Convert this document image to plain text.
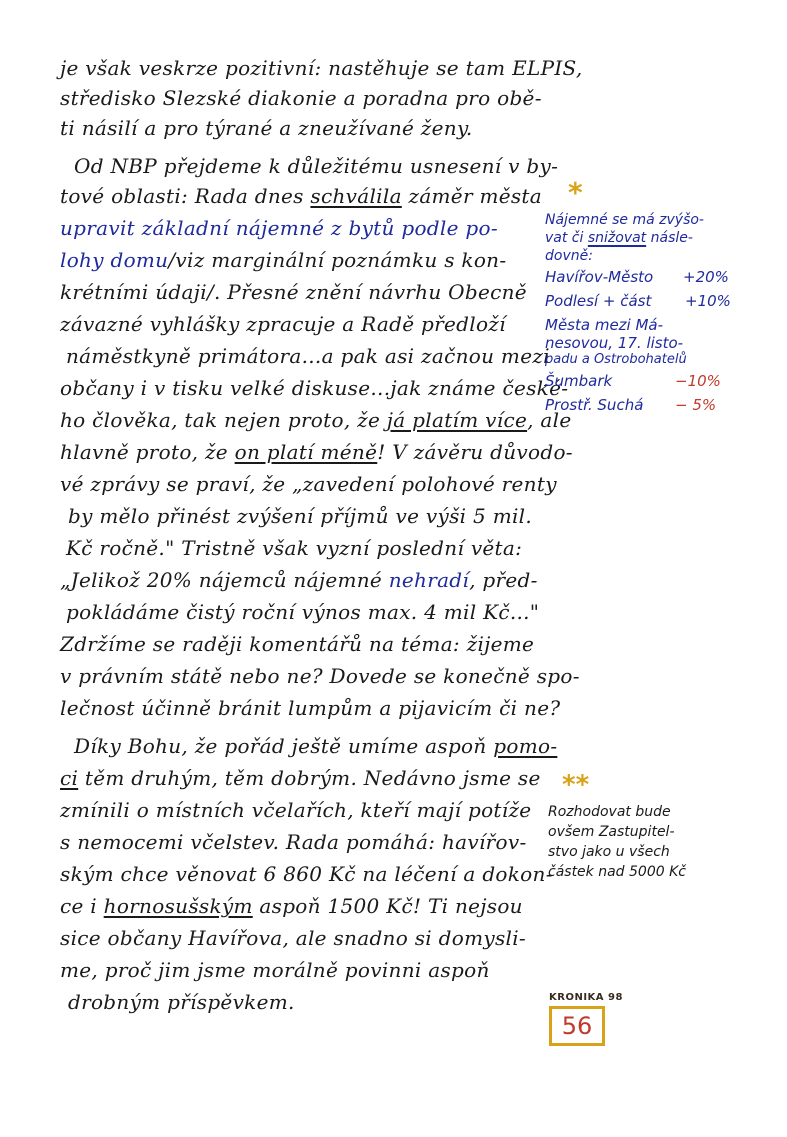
je však veskrze pozitivní: nastěhuje se tam ELPIS,
středisko Slezské diakonie a poradna pro obě-
ti násilí a pro týrané a zneužívané ženy.
Od NBP přejdeme k důležitému usnesení v by-
tové oblasti: Rada dnes schválila záměr města
upravit základní nájemné z bytů podle po-
lohy domu/viz marginální poznámku s kon-
krétními údaji/. Přesné znění návrhu Obecně
závazné vyhlášky zpracuje a Radě předloží
náměstkyně primátora...a pak asi začnou mezi
občany i v tisku velké diskuse...jak známe české-
ho člověka, tak nejen proto, že já platím více, ale
hlavně proto, že on platí méně! V závěru důvodo-
vé zprávy se praví, že „zavedení polohové renty
by mělo přinést zvýšení příjmů ve výši 5 mil.
Kč ročně." Tristně však vyzní poslední věta:
„Jelikož 20% nájemců nájemné nehradí, před-
pokládáme čistý roční výnos max. 4 mil Kč..."
Zdržíme se raději komentářů na téma: žijeme
v právním státě nebo ne? Dovede se konečně spo-
lečnost účinně bránit lumpům a pijavicím či ne?
Díky Bohu, že pořád ještě umíme aspoň pomo-
ci těm druhým, těm dobrým. Nedávno jsme se
zmínili o místních včelařích, kteří mají potíže
s nemocemi včelstev. Rada pomáhá: havířov-
ským chce věnovat 6 860 Kč na léčení a dokon-
ce i hornosušským aspoň 1500 Kč! Ti nejsou
sice občany Havířova, ale snadno si domysli-
me, proč jim jsme morálně povinni aspoň
drobným příspěvkem.
*
Nájemné se má zvýšo-
vat či snižovat násle-
dovně:
Havířov-Město +20%
Podlesí + část +10%
Města mezi Má-
nesovou, 17. listo-
padu a Ostrobohatelů
Šumbark	−10%
Prostř. Suchá − 5%
**
Rozhodovat bude
ovšem Zastupitel-
stvo jako u všech
částek nad 5000 Kč
KRONIKA 98
56
